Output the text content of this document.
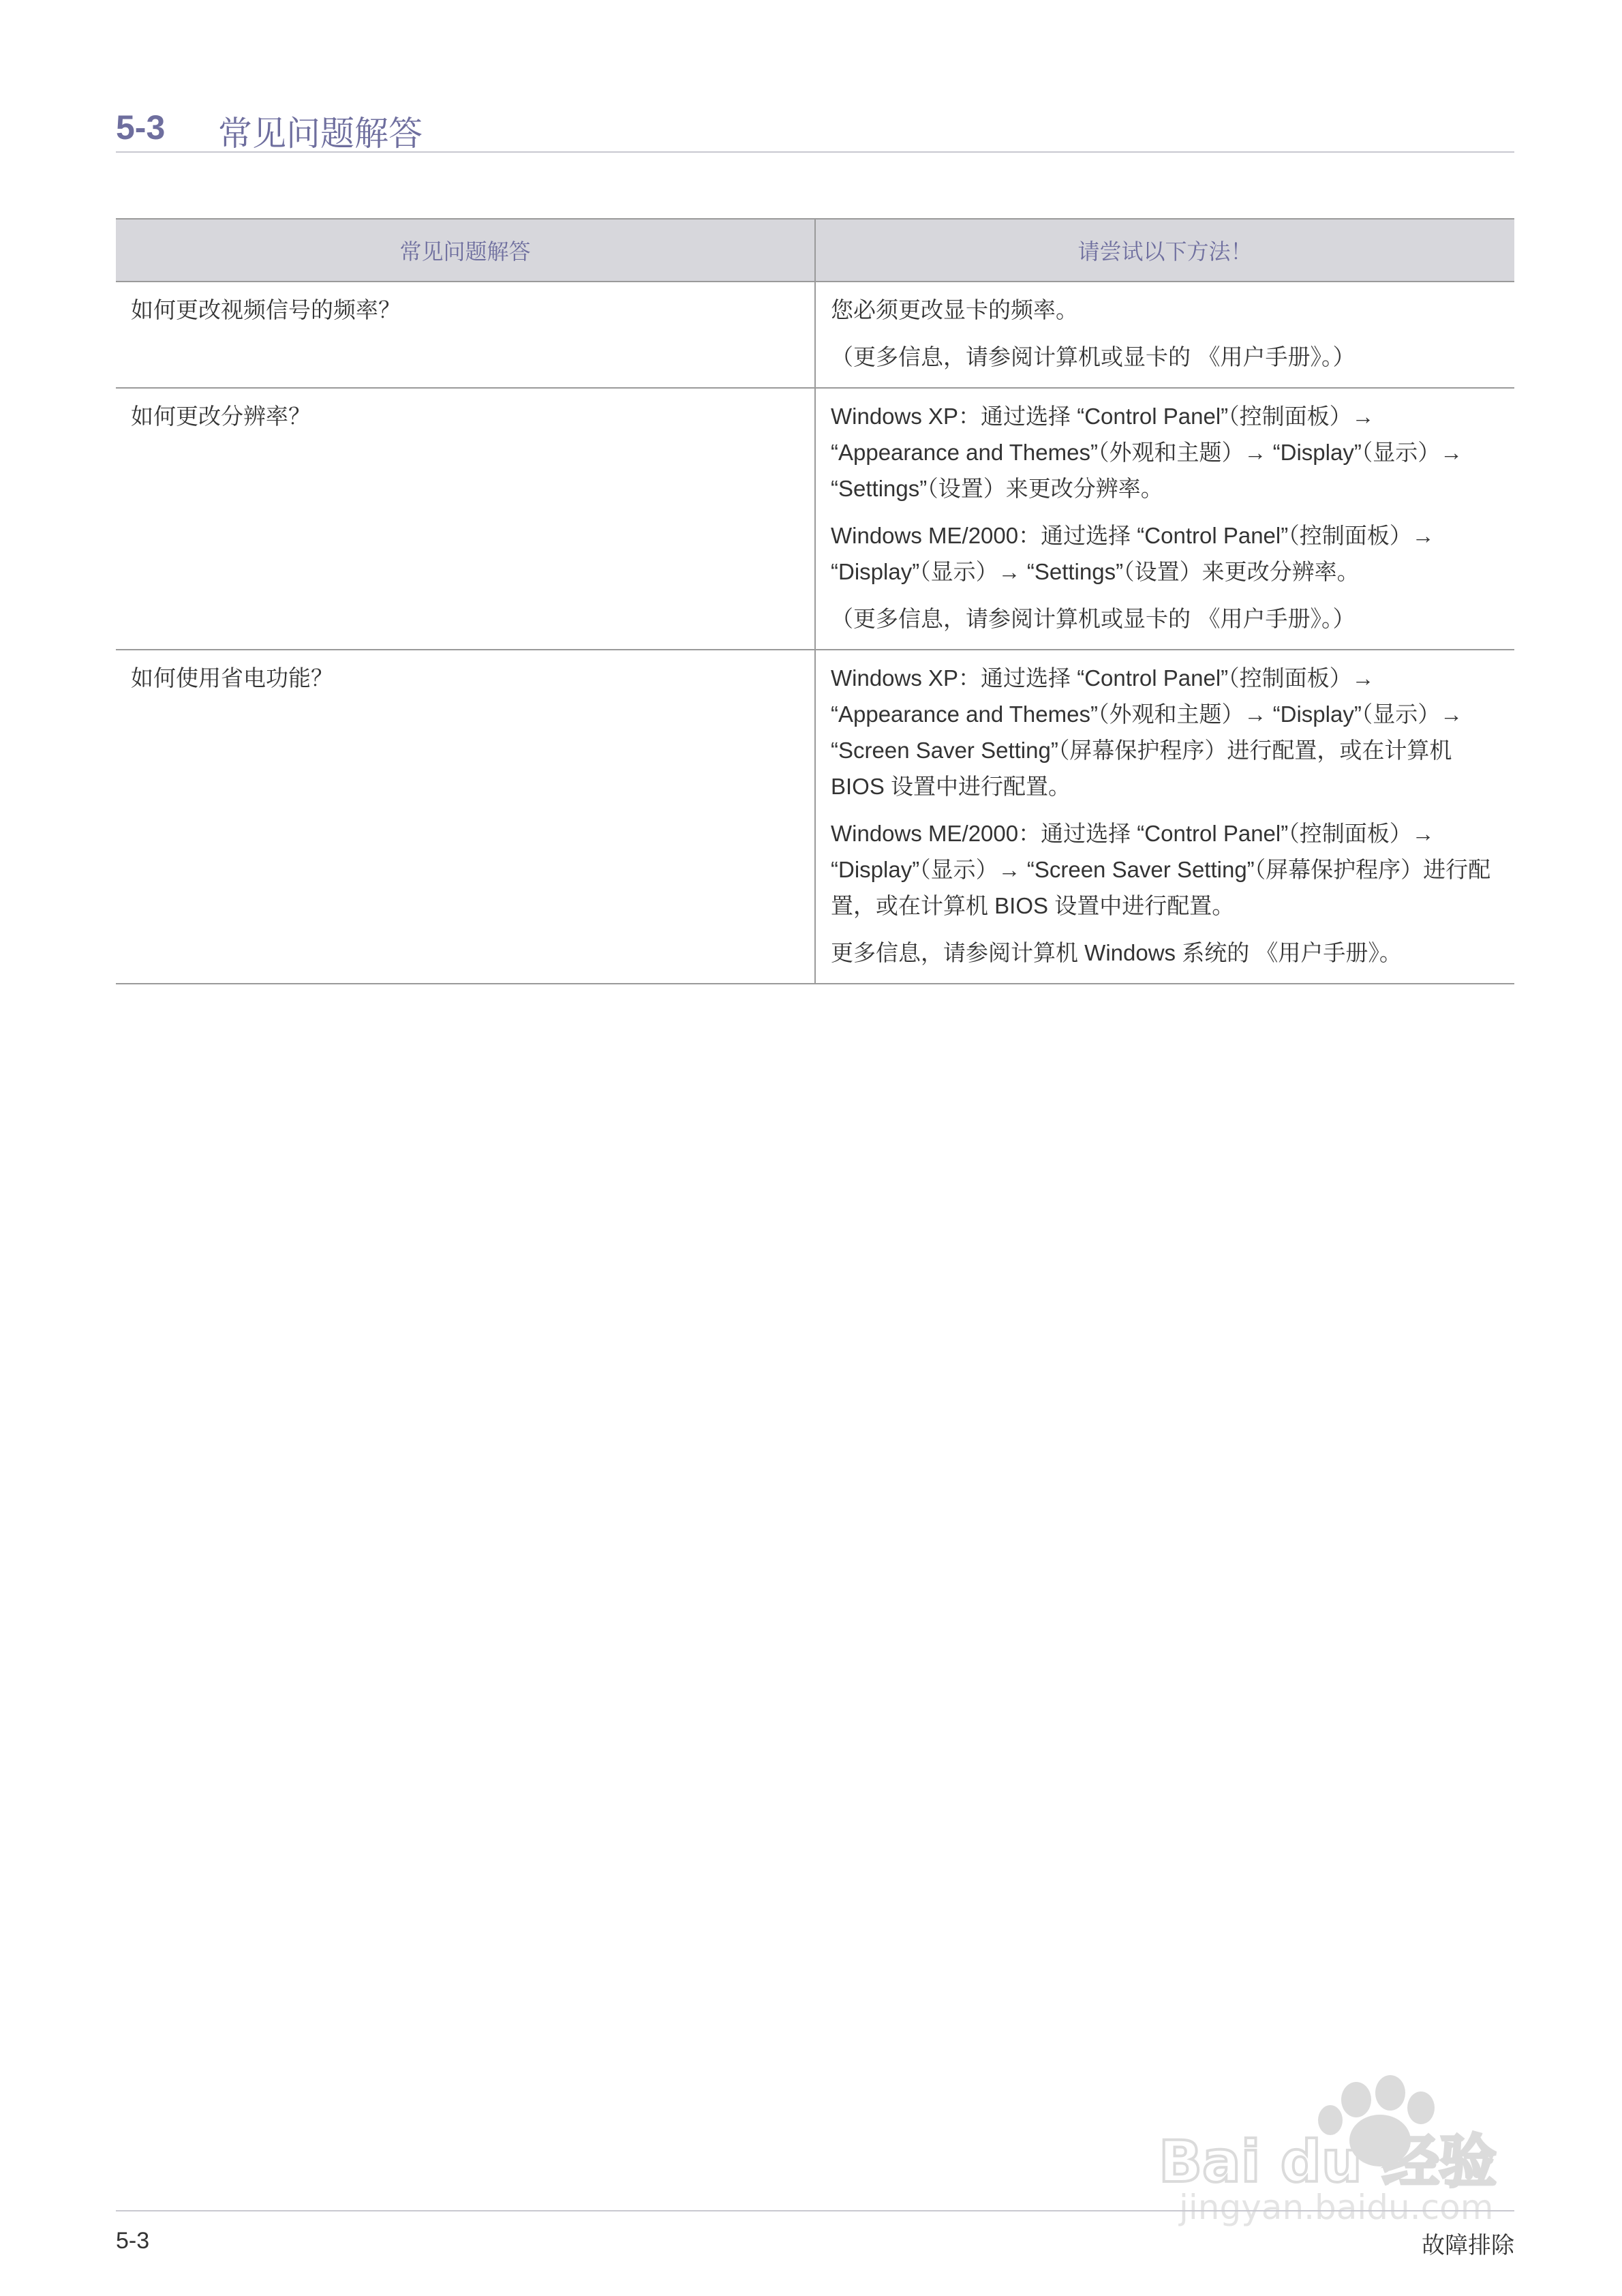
5-3 常见问题解答
常见问题解答	请尝试以下方法！
如何更改视频信号的频率？	您必须更改显卡的频率。

（更多信息，请参阅计算机或显卡的 《用户手册》。）

如何更改分辨率？	Windows XP：通过选择 “Control Panel”（控制面板）→ “Appearance and Themes”（外观和主题）→ “Display”（显示）→ “Settings”（设置）来更改分辨率。

Windows ME/2000：通过选择 “Control Panel”（控制面板）→ “Display”（显示）→ “Settings”（设置）来更改分辨率。

（更多信息，请参阅计算机或显卡的 《用户手册》。）

如何使用省电功能？	Windows XP：通过选择 “Control Panel”（控制面板）→ “Appearance and Themes”（外观和主题）→ “Display”（显示）→ “Screen Saver Setting”（屏幕保护程序）进行配置，或在计算机 BIOS 设置中进行配置。

Windows ME/2000：通过选择 “Control Panel”（控制面板）→ “Display”（显示）→ “Screen Saver Setting”（屏幕保护程序）进行配置，或在计算机 BIOS 设置中进行配置。

更多信息，请参阅计算机 Windows 系统的 《用户手册》。

Bai du 经验
jingyan.baidu.com
5-3	故障排除
